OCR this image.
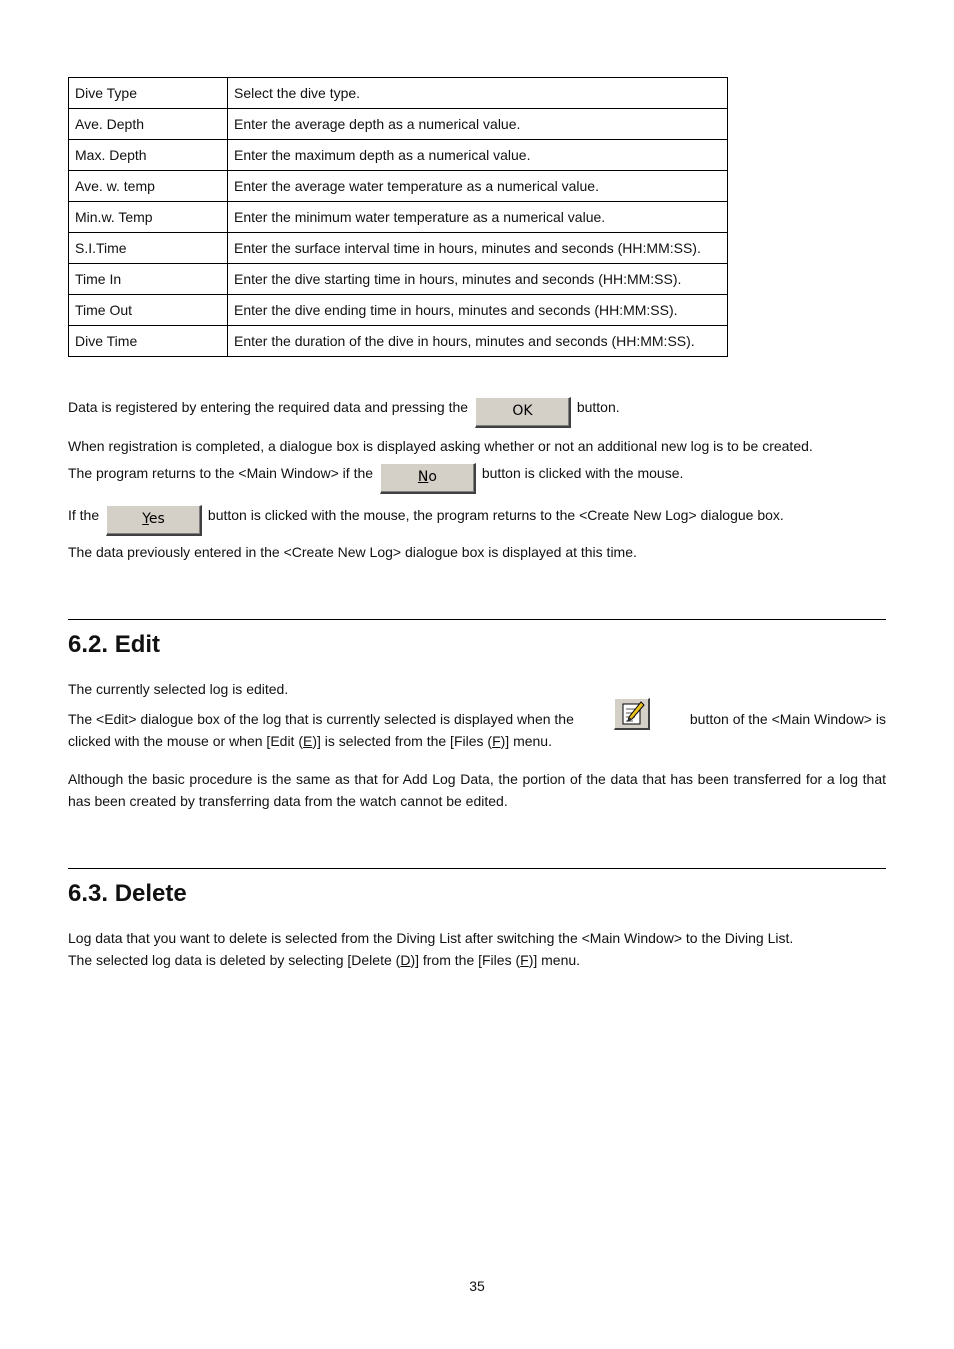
Dive Type	Select the dive type.
Ave. Depth	Enter the average depth as a numerical value.
Max. Depth	Enter the maximum depth as a numerical value.
Ave. w. temp	Enter the average water temperature as a numerical value.
Min.w. Temp	Enter the minimum water temperature as a numerical value.
S.I.Time	Enter the surface interval time in hours, minutes and seconds (HH:MM:SS).
Time In	Enter the dive starting time in hours, minutes and seconds (HH:MM:SS).
Time Out	Enter the dive ending time in hours, minutes and seconds (HH:MM:SS).
Dive Time	Enter the duration of the dive in hours, minutes and seconds (HH:MM:SS).
Data is registered by entering the required data and pressing the	OK	button.
When registration is completed, a dialogue box is displayed asking whether or not an additional new log is to be created.
The program returns to the <Main Window> if the	No	button is clicked with the mouse.
If the	Yes	button is clicked with the mouse, the program returns to the <Create New Log> dialogue box.
The data previously entered in the <Create New Log> dialogue box is displayed at this time.
6.2. Edit

The currently selected log is edited.

The <Edit> dialogue box of the log that is currently selected is displayed when the	button of the <Main Window> is
clicked with the mouse or when [Edit (E)] is selected from the [Files (F)] menu.

Although the basic procedure is the same as that for Add Log Data, the portion of the data that has been transferred for a log that has been created by transferring data from the watch cannot be edited.

6.3. Delete

Log data that you want to delete is selected from the Diving List after switching the <Main Window> to the Diving List.

The selected log data is deleted by selecting [Delete (D)] from the [Files (F)] menu.

35
